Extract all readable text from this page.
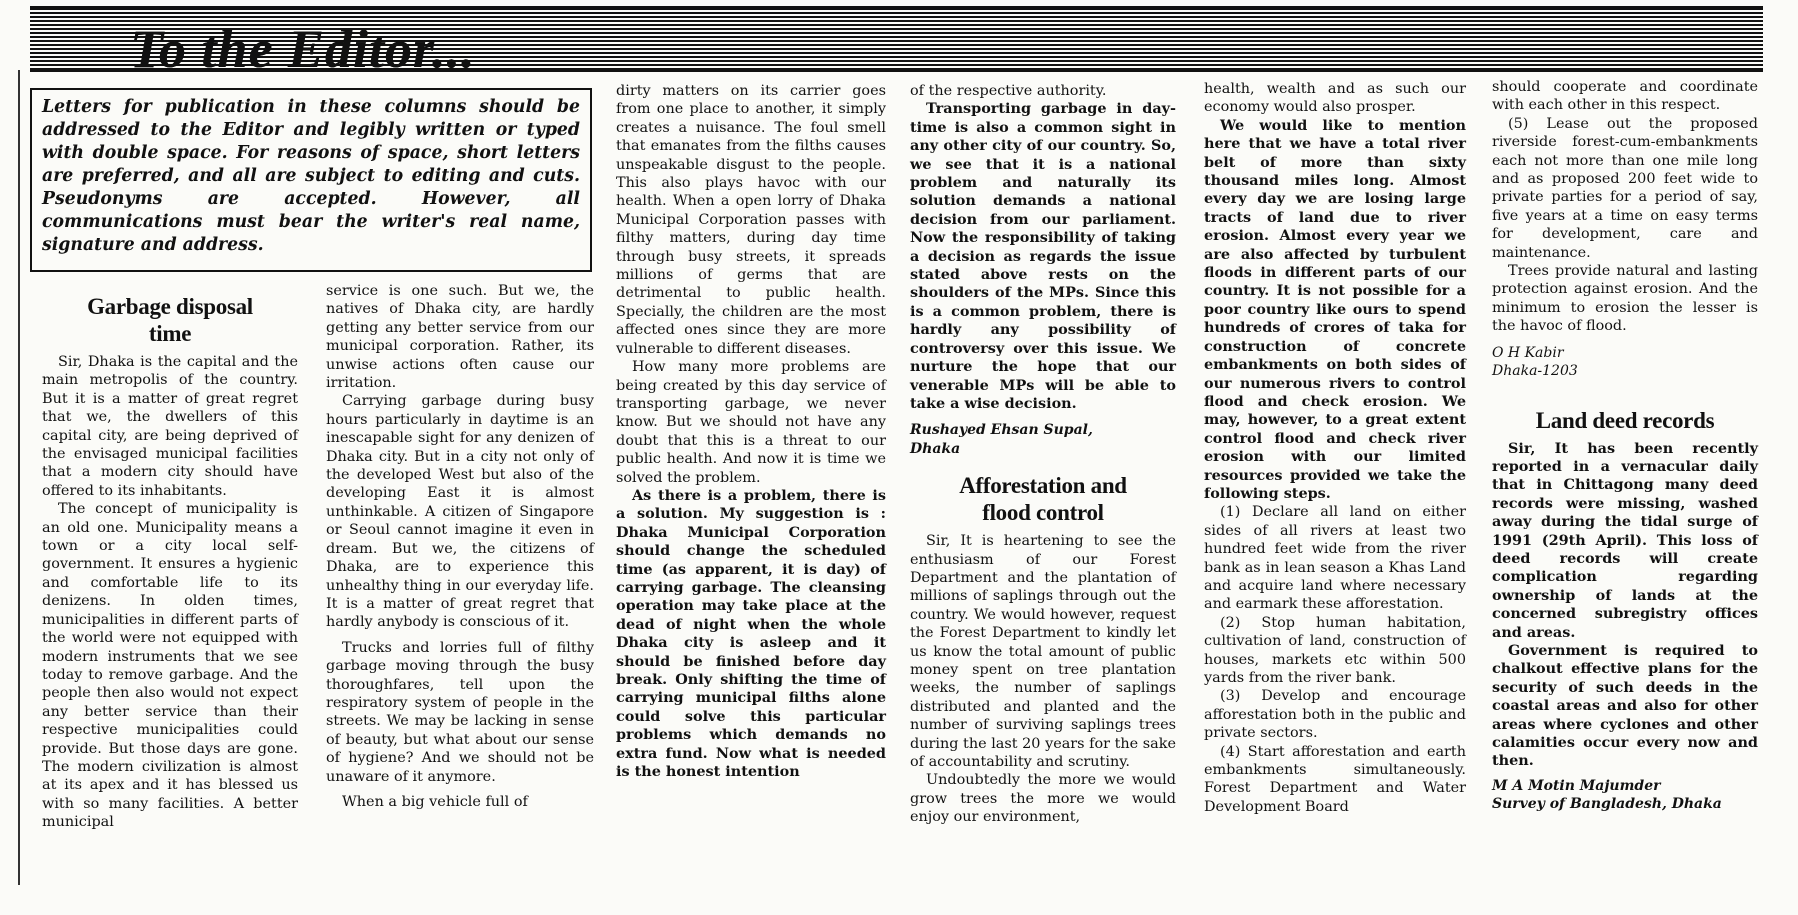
To the Editor...
Letters for publication in these columns should be addressed to the Editor and legibly written or typed with double space. For reasons of space, short letters are preferred, and all are subject to editing and cuts. Pseudonyms are accepted. However, all communications must bear the writer's real name, signature and address.
Garbage disposal time

Sir, Dhaka is the capital and the main metropolis of the country. But it is a matter of great regret that we, the dwellers of this capital city, are being deprived of the envisaged municipal facilities that a modern city should have offered to its inhabitants.

The concept of municipality is an old one. Municipality means a town or a city local self-government. It ensures a hygienic and comfortable life to its denizens. In olden times, municipalities in different parts of the world were not equipped with modern instruments that we see today to remove garbage. And the people then also would not expect any better service than their respective municipalities could provide. But those days are gone. The modern civilization is almost at its apex and it has blessed us with so many facilities. A better municipal

service is one such. But we, the natives of Dhaka city, are hardly getting any better service from our municipal corporation. Rather, its unwise actions often cause our irritation.

Carrying garbage during busy hours particularly in daytime is an inescapable sight for any denizen of Dhaka city. But in a city not only of the developed West but also of the developing East it is almost unthinkable. A citizen of Singapore or Seoul cannot imagine it even in dream. But we, the citizens of Dhaka, are to experience this unhealthy thing in our everyday life. It is a matter of great regret that hardly anybody is conscious of it.

Trucks and lorries full of filthy garbage moving through the busy thoroughfares, tell upon the respiratory system of people in the streets. We may be lacking in sense of beauty, but what about our sense of hygiene? And we should not be unaware of it anymore.

When a big vehicle full of

dirty matters on its carrier goes from one place to another, it simply creates a nuisance. The foul smell that emanates from the filths causes unspeakable disgust to the people. This also plays havoc with our health. When a open lorry of Dhaka Municipal Corporation passes with filthy matters, during day time through busy streets, it spreads millions of germs that are detrimental to public health. Specially, the children are the most affected ones since they are more vulnerable to different diseases.

How many more problems are being created by this day service of transporting garbage, we never know. But we should not have any doubt that this is a threat to our public health. And now it is time we solved the problem.

As there is a problem, there is a solution. My suggestion is : Dhaka Municipal Corporation should change the scheduled time (as apparent, it is day) of carrying garbage. The cleansing operation may take place at the dead of night when the whole Dhaka city is asleep and it should be finished before day break. Only shifting the time of carrying municipal filths alone could solve this particular problems which demands no extra fund. Now what is needed is the honest intention

of the respective authority.

Transporting garbage in day-time is also a common sight in any other city of our country. So, we see that it is a national problem and naturally its solution demands a national decision from our parliament. Now the responsibility of taking a decision as regards the issue stated above rests on the shoulders of the MPs. Since this is a common problem, there is hardly any possibility of controversy over this issue. We nurture the hope that our venerable MPs will be able to take a wise decision.

Rushayed Ehsan Supal,

Dhaka

Afforestation and flood control

Sir, It is heartening to see the enthusiasm of our Forest Department and the plantation of millions of saplings through out the country. We would however, request the Forest Department to kindly let us know the total amount of public money spent on tree plantation weeks, the number of saplings distributed and planted and the number of surviving saplings trees during the last 20 years for the sake of accountability and scrutiny.

Undoubtedly the more we would grow trees the more we would enjoy our environment,

health, wealth and as such our economy would also prosper.

We would like to mention here that we have a total river belt of more than sixty thousand miles long. Almost every day we are losing large tracts of land due to river erosion. Almost every year we are also affected by turbulent floods in different parts of our country. It is not possible for a poor country like ours to spend hundreds of crores of taka for construction of concrete embankments on both sides of our numerous rivers to control flood and check erosion. We may, however, to a great extent control flood and check river erosion with our limited resources provided we take the following steps.

(1) Declare all land on either sides of all rivers at least two hundred feet wide from the river bank as in lean season a Khas Land and acquire land where necessary and earmark these afforestation.

(2) Stop human habitation, cultivation of land, construction of houses, markets etc within 500 yards from the river bank.

(3) Develop and encourage afforestation both in the public and private sectors.

(4) Start afforestation and earth embankments simultaneously. Forest Department and Water Development Board

should cooperate and coordinate with each other in this respect.

(5) Lease out the proposed riverside forest-cum-embankments each not more than one mile long and as proposed 200 feet wide to private parties for a period of say, five years at a time on easy terms for development, care and maintenance.

Trees provide natural and lasting protection against erosion. And the minimum to erosion the lesser is the havoc of flood.

O H Kabir

Dhaka-1203

Land deed records

Sir, It has been recently reported in a vernacular daily that in Chittagong many deed records were missing, washed away during the tidal surge of 1991 (29th April). This loss of deed records will create complication regarding ownership of lands at the concerned subregistry offices and areas.

Government is required to chalkout effective plans for the security of such deeds in the coastal areas and also for other areas where cyclones and other calamities occur every now and then.

M A Motin Majumder

Survey of Bangladesh, Dhaka
